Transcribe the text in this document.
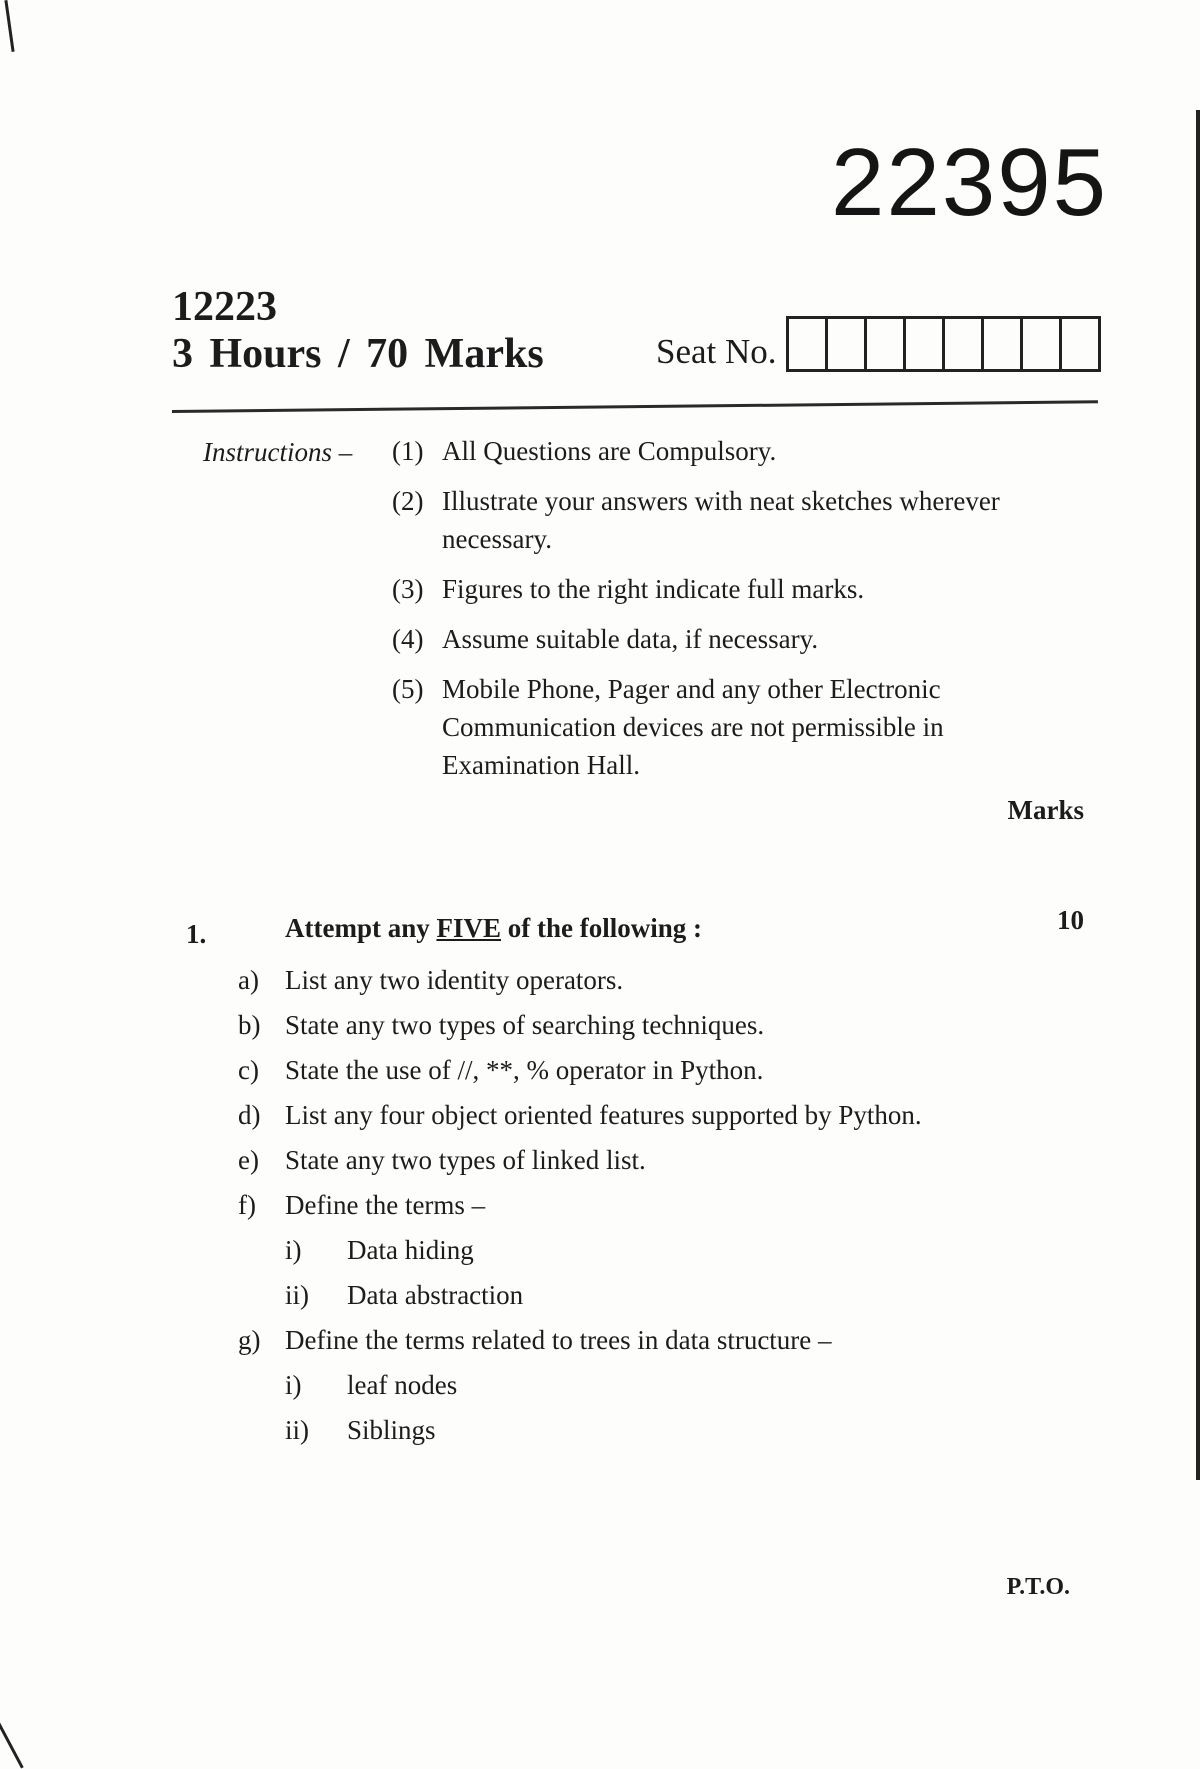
22395
12223
3 Hours / 70 Marks	Seat No.
Instructions – (1) All Questions are Compulsory.
(2) Illustrate your answers with neat sketches wherever necessary.
(3) Figures to the right indicate full marks.
(4) Assume suitable data, if necessary.
(5) Mobile Phone, Pager and any other Electronic Communication devices are not permissible in Examination Hall.
Marks
1.	Attempt any FIVE of the following :	10
a) List any two identity operators.
b) State any two types of searching techniques.
c) State the use of //, **, % operator in Python.
d) List any four object oriented features supported by Python.
e) State any two types of linked list.
f)	Define the terms –
i)	Data hiding
ii)	Data abstraction
g) Define the terms related to trees in data structure –
i)	leaf nodes
ii)	Siblings
P.T.O.
